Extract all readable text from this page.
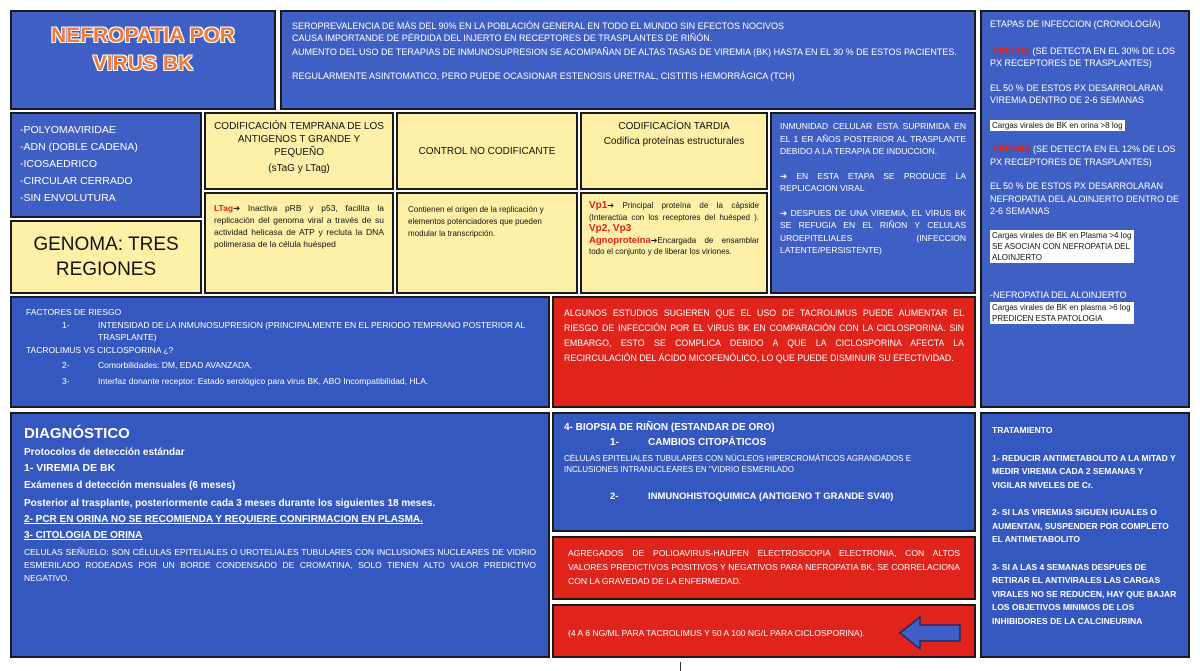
NEFROPATIA POR
VIRUS BK
SEROPREVALENCIA DE MÁS DEL 90% EN LA POBLACIÓN GENERAL EN TODO EL MUNDO SIN EFECTOS NOCIVOS
CAUSA IMPORTANDE DE PÉRDIDA DEL INJERTO EN RECEPTORES DE TRASPLANTES DE RIÑÓN.
AUMENTO DEL USO DE TERAPIAS DE INMUNOSUPRESION SE ACOMPAÑAN DE ALTAS TASAS DE VIREMIA (BK) HASTA EN EL 30 % DE ESTOS PACIENTES.
REGULARMENTE ASINTOMATICO, PERO PUEDE OCASIONAR ESTENOSIS URETRAL, CISTITIS HEMORRÁGICA (TCH)
ETAPAS DE INFECCION (CRONOLOGÍA)
-VIRURIA (SE DETECTA EN EL 30% DE LOS PX RECEPTORES DE TRASPLANTES)
EL 50 % DE ESTOS PX DESARROLARAN VIREMIA DENTRO DE 2-6 SEMANAS
Cargas virales de BK en orina >8 log
-VIREMIA (SE DETECTA EN EL 12% DE LOS PX RECEPTORES DE TRASPLANTES)
EL 50 % DE ESTOS PX DESARROLARAN NEFROPATIA DEL ALOINJERTO DENTRO DE 2-6 SEMANAS
Cargas virales de BK en Plasma >4 log SE ASOCIAN CON NEFROPATIA DEL ALOINJERTO
-NEFROPATIA DEL ALOINJERTO
Cargas virales de BK en plasma >6 log PREDICEN ESTA PATOLOGIA
-POLYOMAVIRIDAE
-ADN (DOBLE CADENA)
-ICOSAEDRICO
-CIRCULAR CERRADO
-SIN ENVOLUTURA
GENOMA: TRES REGIONES
CODIFICACIÓN TEMPRANA DE LOS ANTIGENOS T GRANDE Y PEQUEÑO
(sTaG y LTag)
LTag➔ Inactiva pRB y p53, facilita la replicación del genoma viral a través de su actividad helicasa de ATP y recluta la DNA polimerasa de la célula huésped
CONTROL NO CODIFICANTE
Contienen el origen de la replicación y elementos potenciadores que pueden modular la transcripción.
CODIFICACÍON TARDIA
Codifica proteínas estructurales
Vp1➔ Principal proteína de la cápside (Interactúa con los receptores del huésped ). Vp2, Vp3
Agnoproteína➔Encargada de ensamblar todo el conjunto y de liberar los viriones.
INMUNIDAD CELULAR ESTA SUPRIMIDA EN EL 1 ER AÑOS POSTERIOR AL TRASPLANTE DEBIDO A LA TERAPIA DE INDUCCION.
➔ EN ESTA ETAPA SE PRODUCE LA REPLICACION VIRAL
➔ DESPUES DE UNA VIREMIA, EL VIRUS BK SE REFUGIA EN EL RIÑON Y CELULAS UROEPITELIALES (INFECCION LATENTE/PERSISTENTE)
FACTORES DE RIESGO
1-	INTENSIDAD DE LA INMUNOSUPRESION (PRINCIPALMENTE EN EL PERIODO TEMPRANO POSTERIOR AL TRASPLANTE)
TACROLIMUS VS CICLOSPORINA ¿?
2-	Comorbilidades: DM, EDAD AVANZADA,
3-	Interfaz donante receptor: Estado serológico para virus BK, ABO Incompatibilidad, HLA.
ALGUNOS ESTUDIOS SUGIEREN QUE EL USO DE TACROLIMUS PUEDE AUMENTAR EL RIESGO DE INFECCIÓN POR EL VIRUS BK EN COMPARACIÓN CON LA CICLOSPORINA. SIN EMBARGO, ESTO SE COMPLICA DEBIDO A QUE LA CICLOSPORINA AFECTA LA RECIRCULACIÓN DEL ÁCIDO MICOFENÓLICO, LO QUE PUEDE DISMINUIR SU EFECTIVIDAD.
DIAGNÓSTICO
Protocolos de detección estándar
1- VIREMIA DE BK
Exámenes d detección mensuales (6 meses)
Posterior al trasplante, posteriormente cada 3 meses durante los siguientes 18 meses.
2- PCR EN ORINA NO SE RECOMIENDA Y REQUIERE CONFIRMACION EN PLASMA.
3- CITOLOGIA DE ORINA
CELULAS SEÑUELO: SON CÉLULAS EPITELIALES O UROTELIALES TUBULARES CON INCLUSIONES NUCLEARES DE VIDRIO ESMERILADO RODEADAS POR UN BORDE CONDENSADO DE CROMATINA, SOLO TIENEN ALTO VALOR PREDICTIVO NEGATIVO.
4- BIOPSIA DE RIÑON (ESTANDAR DE ORO)
1-	CAMBIOS CITOPÁTICOS
CÉLULAS EPITELIALES TUBULARES CON NÚCLEOS HIPERCROMÁTICOS AGRANDADOS E INCLUSIONES INTRANUCLEARES EN "VIDRIO ESMERILADO
2-	INMUNOHISTOQUIMICA (ANTIGENO T GRANDE SV40)
AGREGADOS DE POLIOAVIRUS-HAUFEN ELECTROSCOPIA ELECTRONIA, CON ALTOS VALORES PREDICTIVOS POSITIVOS Y NEGATIVOS PARA NEFROPATIA BK, SE CORRELACIONA CON LA GRAVEDAD DE LA ENFERMEDAD.
(4 A 6 NG/ML PARA TACROLIMUS Y 50 A 100 NG/L PARA CICLOSPORINA).
TRATAMIENTO
1- REDUCIR ANTIMETABOLITO A LA MITAD Y MEDIR VIREMIA CADA 2 SEMANAS Y VIGILAR NIVELES DE Cr.
2- SI LAS VIREMIAS SIGUEN IGUALES O AUMENTAN, SUSPENDER POR COMPLETO EL ANTIMETABOLITO
3- SI A LAS 4 SEMANAS DESPUES DE RETIRAR EL ANTIVIRALES LAS CARGAS VIRALES NO SE REDUCEN, HAY QUE BAJAR LOS OBJETIVOS MINIMOS DE LOS INHIBIDORES DE LA CALCINEURINA
